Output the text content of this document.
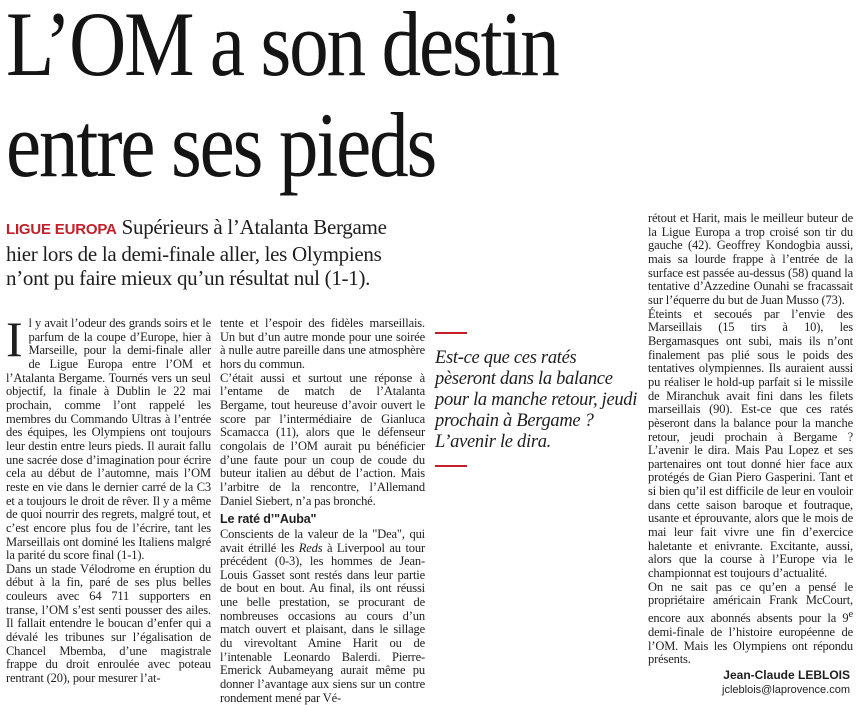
L’OM a son destin
entre ses pieds

LIGUE EUROPA Supérieurs à l’Atalanta Bergame hier lors de la demi-finale aller, les Olympiens n’ont pu faire mieux qu’un résultat nul (1-1).

Il y avait l’odeur des grands soirs et le parfum de la coupe d’Europe, hier à Marseille, pour la demi-finale aller de Ligue Europa entre l’OM et l’Atalanta Bergame. Tournés vers un seul objectif, la finale à Dublin le 22 mai prochain, comme l’ont rappelé les membres du Commando Ultras à l’entrée des équipes, les Olympiens ont toujours leur destin entre leurs pieds. Il aurait fallu une sacrée dose d’imagination pour écrire cela au début de l’automne, mais l’OM reste en vie dans le dernier carré de la C3 et a toujours le droit de rêver. Il y a même de quoi nourrir des regrets, malgré tout, et c’est encore plus fou de l’écrire, tant les Marseillais ont dominé les Italiens malgré la parité du score final (1-1).

Dans un stade Vélodrome en éruption du début à la fin, paré de ses plus belles couleurs avec 64 711 supporters en transe, l’OM s’est senti pousser des ailes. Il fallait entendre le boucan d’enfer qui a dévalé les tribunes sur l’égalisation de Chancel Mbemba, d’une magistrale frappe du droit enroulée avec poteau rentrant (20), pour mesurer l’at-

tente et l’espoir des fidèles marseillais. Un but d’un autre monde pour une soirée à nulle autre pareille dans une atmosphère hors du commun.

C’était aussi et surtout une réponse à l’entame de match de l’Atalanta Bergame, tout heureuse d’avoir ouvert le score par l’intermédiaire de Gianluca Scamacca (11), alors que le défenseur congolais de l’OM aurait pu bénéficier d’une faute pour un coup de coude du buteur italien au début de l’action. Mais l’arbitre de la rencontre, l’Allemand Daniel Siebert, n’a pas bronché.

Le raté d’"Auba"

Conscients de la valeur de la "Dea", qui avait étrillé les Reds à Liverpool au tour précédent (0-3), les hommes de Jean-Louis Gasset sont restés dans leur partie de bout en bout. Au final, ils ont réussi une belle prestation, se procurant de nombreuses occasions au cours d’un match ouvert et plaisant, dans le sillage du virevoltant Amine Harit ou de l’intenable Leonardo Balerdi. Pierre-Emerick Aubameyang aurait même pu donner l’avantage aux siens sur un contre rondement mené par Vé-

Est-ce que ces ratés pèseront dans la balance pour la manche retour, jeudi prochain à Bergame ? L’avenir le dira.

rétout et Harit, mais le meilleur buteur de la Ligue Europa a trop croisé son tir du gauche (42). Geoffrey Kondogbia aussi, mais sa lourde frappe à l’entrée de la surface est passée au-dessus (58) quand la tentative d’Azzedine Ounahi se fracassait sur l’équerre du but de Juan Musso (73).

Éteints et secoués par l’envie des Marseillais (15 tirs à 10), les Bergamasques ont subi, mais ils n’ont finalement pas plié sous le poids des tentatives olympiennes. Ils auraient aussi pu réaliser le hold-up parfait si le missile de Miranchuk avait fini dans les filets marseillais (90). Est-ce que ces ratés pèseront dans la balance pour la manche retour, jeudi prochain à Bergame ? L’avenir le dira. Mais Pau Lopez et ses partenaires ont tout donné hier face aux protégés de Gian Piero Gasperini. Tant et si bien qu’il est difficile de leur en vouloir dans cette saison baroque et foutraque, usante et éprouvante, alors que le mois de mai leur fait vivre une fin d’exercice haletante et enivrante. Excitante, aussi, alors que la course à l’Europe via le championnat est toujours d’actualité.

On ne sait pas ce qu’en a pensé le propriétaire américain Frank McCourt, encore aux abonnés absents pour la 9e demi-finale de l’histoire européenne de l’OM. Mais les Olympiens ont répondu présents.

Jean-Claude LEBLOIS
jcleblois@laprovence.com
